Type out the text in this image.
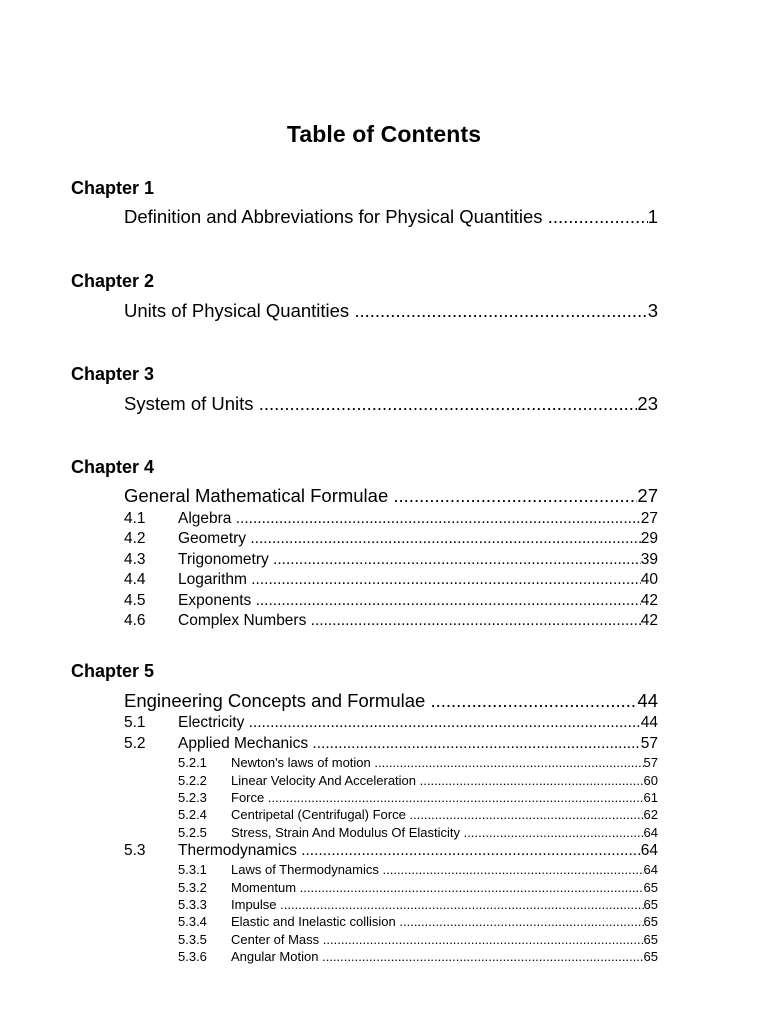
Table of Contents
Chapter 1
Definition and Abbreviations for Physical Quantities .....	1
Chapter 2
Units of Physical Quantities .....	3
Chapter 3
System of Units .....	23
Chapter 4
General Mathematical Formulae .....	27
4.1	Algebra .....	27
4.2	Geometry .....	29
4.3	Trigonometry .....	39
4.4	Logarithm .....	40
4.5	Exponents .....	42
4.6	Complex Numbers .....	42
Chapter 5
Engineering Concepts and Formulae .....	44
5.1	Electricity .....	44
5.2	Applied Mechanics .....	57
5.2.1	Newton's laws of motion .....	57
5.2.2	Linear Velocity And Acceleration .....	60
5.2.3	Force .....	61
5.2.4	Centripetal (Centrifugal) Force .....	62
5.2.5	Stress, Strain And Modulus Of Elasticity .....	64
5.3	Thermodynamics .....	64
5.3.1	Laws of Thermodynamics .....	64
5.3.2	Momentum .....	65
5.3.3	Impulse .....	65
5.3.4	Elastic and Inelastic collision .....	65
5.3.5	Center of Mass .....	65
5.3.6	Angular Motion .....	65
